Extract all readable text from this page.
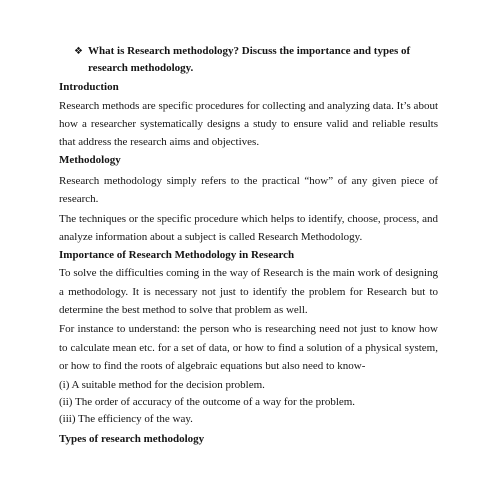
❖ What is Research methodology? Discuss the importance and types of
research methodology.
Introduction
Research methods are specific procedures for collecting and analyzing data. It’s about how a researcher systematically designs a study to ensure valid and reliable results that address the research aims and objectives.
Methodology
Research methodology simply refers to the practical “how” of any given piece of research.
The techniques or the specific procedure which helps to identify, choose, process, and analyze information about a subject is called Research Methodology.
Importance of Research Methodology in Research
To solve the difficulties coming in the way of Research is the main work of designing a methodology. It is necessary not just to identify the problem for Research but to determine the best method to solve that problem as well.
For instance to understand: the person who is researching need not just to know how to calculate mean etc. for a set of data, or how to find a solution of a physical system, or how to find the roots of algebraic equations but also need to know-
(i) A suitable method for the decision problem.
(ii) The order of accuracy of the outcome of a way for the problem.
(iii) The efficiency of the way.
Types of research methodology
